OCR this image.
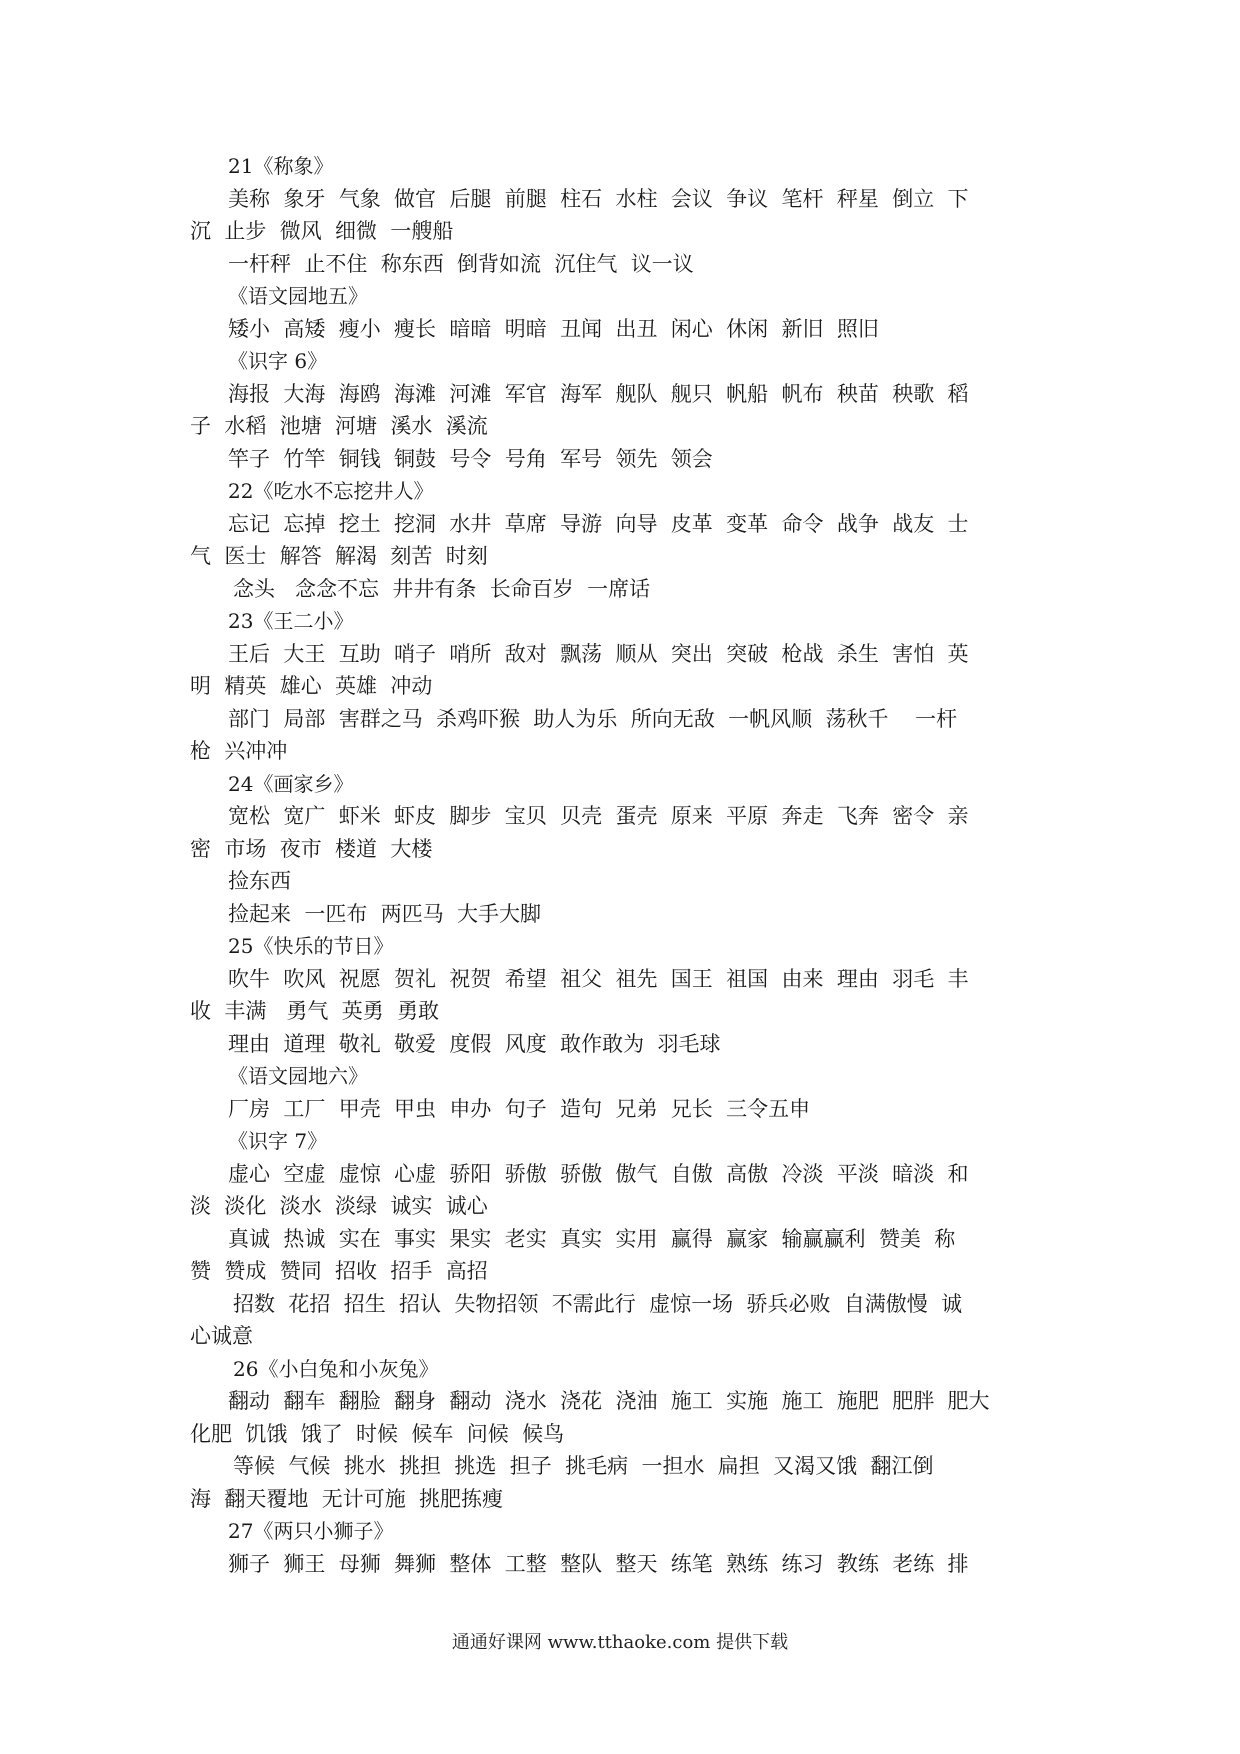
21《称象》
美称  象牙  气象  做官  后腿  前腿  柱石  水柱  会议  争议  笔杆  秤星  倒立  下
沉  止步  微风  细微  一艘船
一杆秤  止不住  称东西  倒背如流  沉住气  议一议
《语文园地五》
矮小  高矮  瘦小  瘦长  暗暗  明暗  丑闻  出丑  闲心  休闲  新旧  照旧
《识字 6》
海报  大海  海鸥  海滩  河滩  军官  海军  舰队  舰只  帆船  帆布  秧苗  秧歌  稻
子  水稻  池塘  河塘  溪水  溪流
竿子  竹竿  铜钱  铜鼓  号令  号角  军号  领先  领会
22《吃水不忘挖井人》
忘记  忘掉  挖土  挖洞  水井  草席  导游  向导  皮革  变革  命令  战争  战友  士
气  医士  解答  解渴  刻苦  时刻
念头   念念不忘  井井有条  长命百岁  一席话
23《王二小》
王后  大王  互助  哨子  哨所  敌对  飘荡  顺从  突出  突破  枪战  杀生  害怕  英
明  精英  雄心  英雄  冲动
部门  局部  害群之马  杀鸡吓猴  助人为乐  所向无敌  一帆风顺  荡秋千    一杆
枪  兴冲冲
24《画家乡》
宽松  宽广  虾米  虾皮  脚步  宝贝  贝壳  蛋壳  原来  平原  奔走  飞奔  密令  亲
密  市场  夜市  楼道  大楼
捡东西
捡起来  一匹布  两匹马  大手大脚
25《快乐的节日》
吹牛  吹风  祝愿  贺礼  祝贺  希望  祖父  祖先  国王  祖国  由来  理由  羽毛  丰
收  丰满   勇气  英勇  勇敢
理由  道理  敬礼  敬爱  度假  风度  敢作敢为  羽毛球
《语文园地六》
厂房  工厂  甲壳  甲虫  申办  句子  造句  兄弟  兄长  三令五申
《识字 7》
虚心  空虚  虚惊  心虚  骄阳  骄傲  骄傲  傲气  自傲  高傲  冷淡  平淡  暗淡  和
淡  淡化  淡水  淡绿  诚实  诚心
真诚  热诚  实在  事实  果实  老实  真实  实用  赢得  赢家  输赢赢利  赞美  称
赞  赞成  赞同  招收  招手  高招
招数  花招  招生  招认  失物招领  不需此行  虚惊一场  骄兵必败  自满傲慢  诚
心诚意
26《小白兔和小灰兔》
翻动  翻车  翻脸  翻身  翻动  浇水  浇花  浇油  施工  实施  施工  施肥  肥胖  肥大
化肥  饥饿  饿了  时候  候车  问候  候鸟
等候  气候  挑水  挑担  挑选  担子  挑毛病  一担水  扁担  又渴又饿  翻江倒
海  翻天覆地  无计可施  挑肥拣瘦
27《两只小狮子》
狮子  狮王  母狮  舞狮  整体  工整  整队  整天  练笔  熟练  练习  教练  老练  排
通通好课网 www.tthaoke.com 提供下载
